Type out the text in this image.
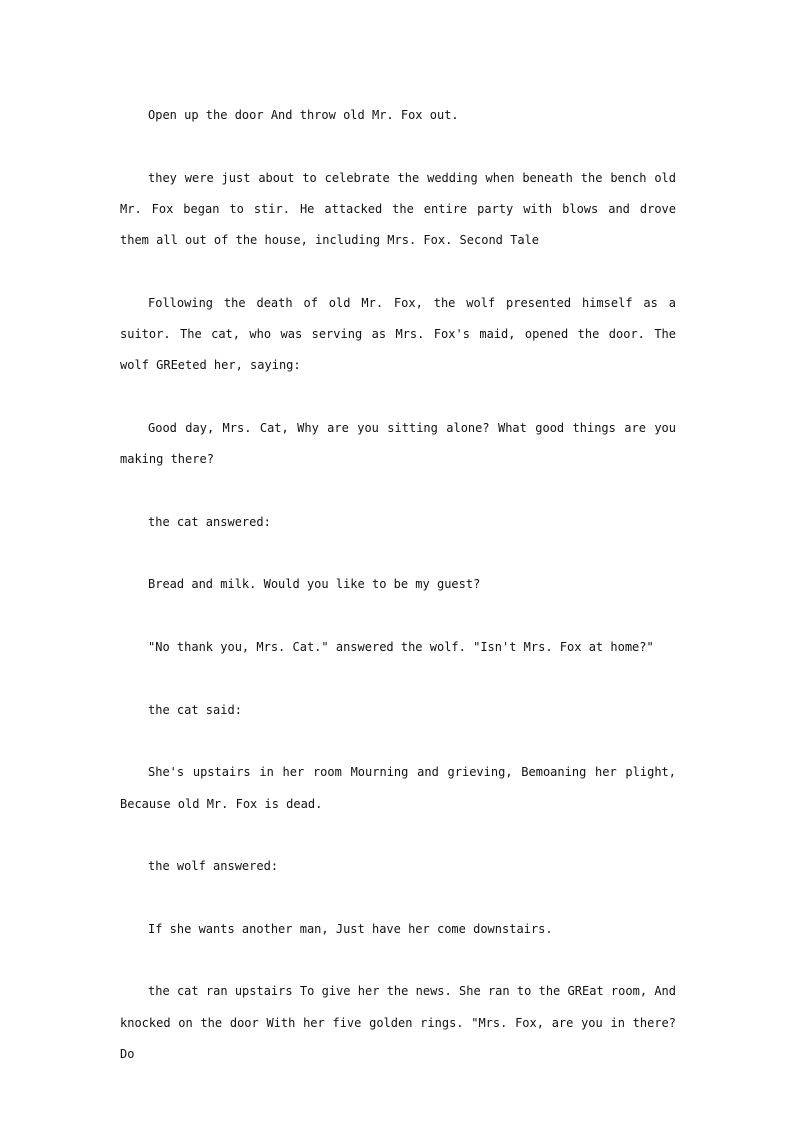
Open up the door And throw old Mr. Fox out.

they were just about to celebrate the wedding when beneath the bench old Mr. Fox began to stir. He attacked the entire party with blows and drove them all out of the house, including Mrs. Fox. Second Tale

Following the death of old Mr. Fox, the wolf presented himself as a suitor. The cat, who was serving as Mrs. Fox's maid, opened the door. The wolf GREeted her, saying:

Good day, Mrs. Cat, Why are you sitting alone? What good things are you making there?

the cat answered:

Bread and milk. Would you like to be my guest?

"No thank you, Mrs. Cat." answered the wolf. "Isn't Mrs. Fox at home?"

the cat said:

She's upstairs in her room Mourning and grieving, Bemoaning her plight, Because old Mr. Fox is dead.

the wolf answered:

If she wants another man, Just have her come downstairs.

the cat ran upstairs To give her the news. She ran to the GREat room, And knocked on the door With her five golden rings. "Mrs. Fox, are you in there? Do
